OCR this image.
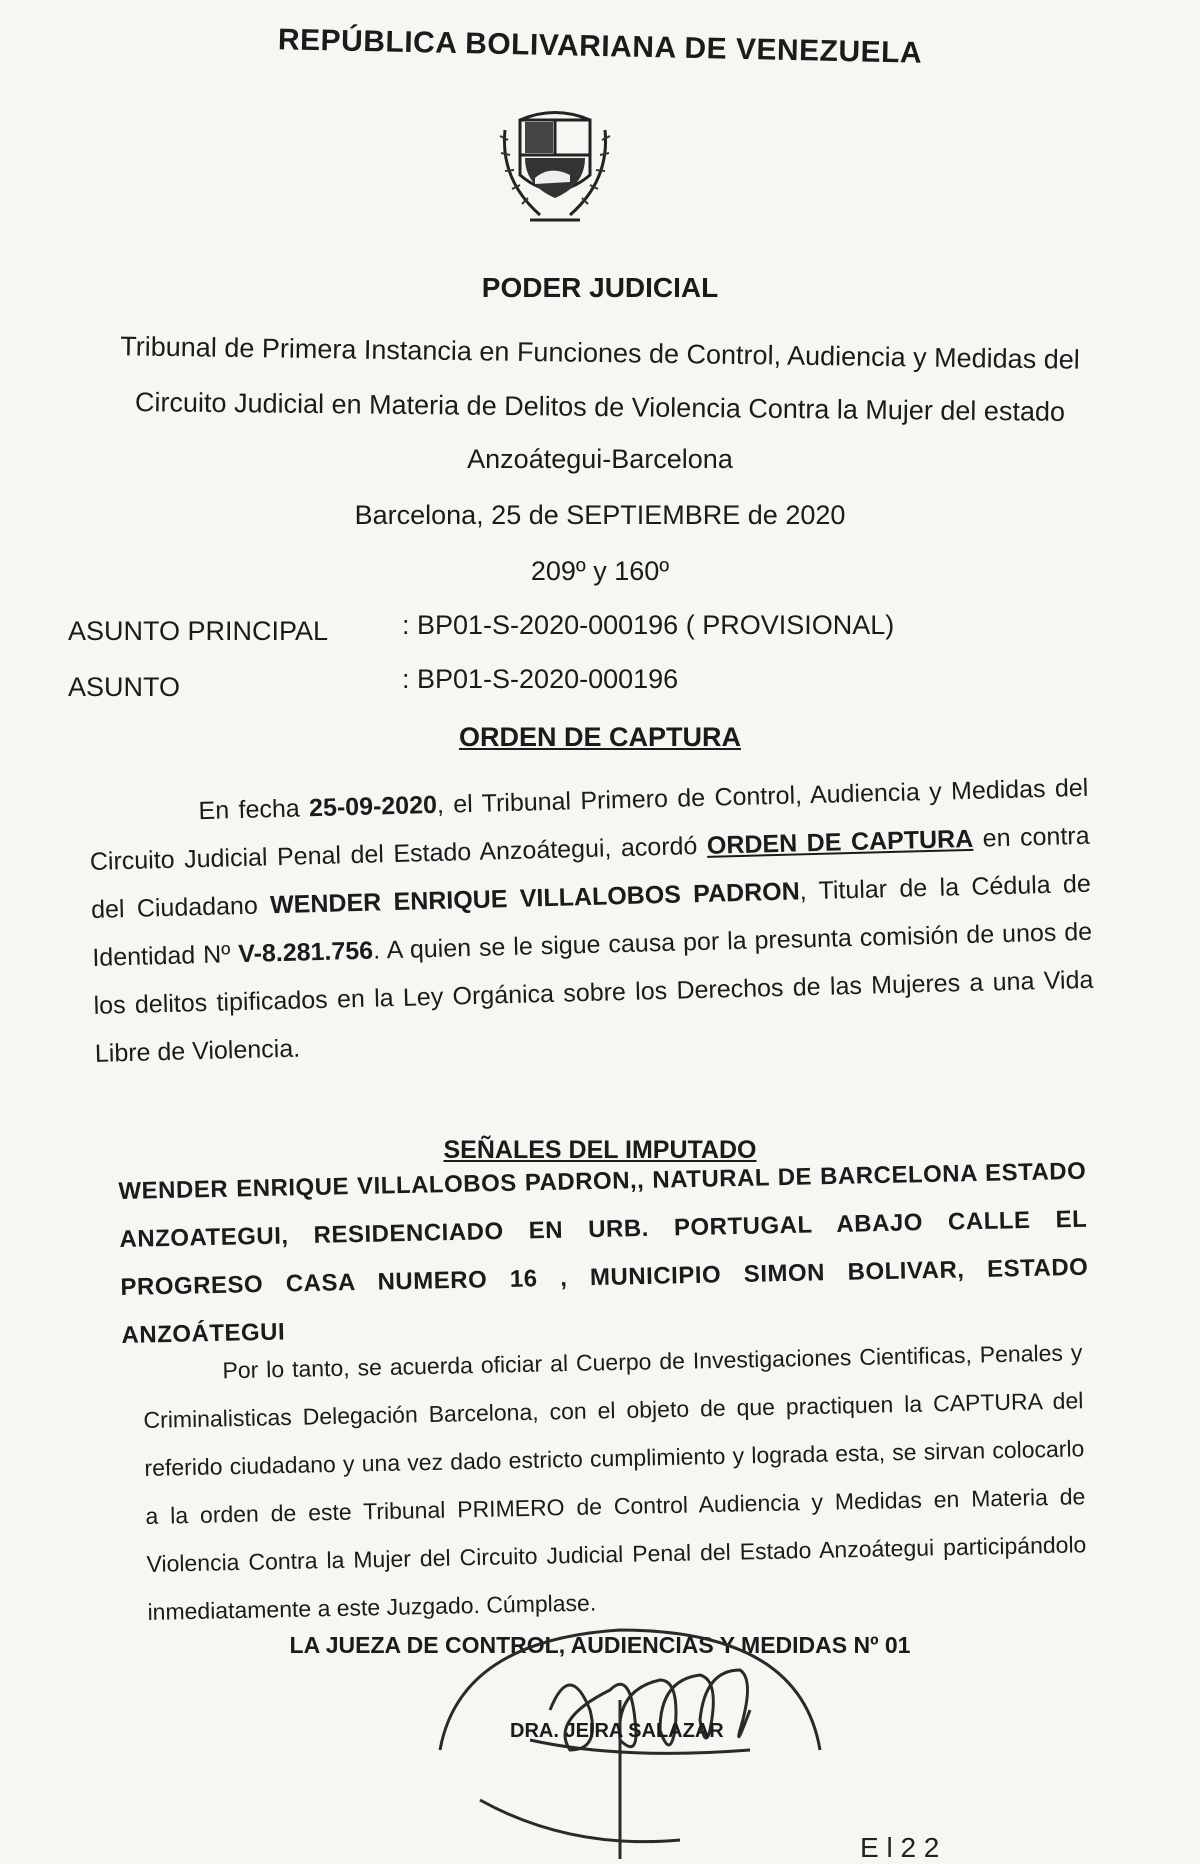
REPÚBLICA BOLIVARIANA DE VENEZUELA
PODER JUDICIAL
Tribunal de Primera Instancia en Funciones de Control, Audiencia y Medidas del
Circuito Judicial en Materia de Delitos de Violencia Contra la Mujer del estado
Anzoátegui-Barcelona
Barcelona, 25 de SEPTIEMBRE de 2020
209º y 160º
ASUNTO PRINCIPAL	: BP01-S-2020-000196 ( PROVISIONAL)
ASUNTO	: BP01-S-2020-000196
ORDEN DE CAPTURA

En fecha 25-09-2020, el Tribunal Primero de Control, Audiencia y Medidas del Circuito Judicial Penal del Estado Anzoátegui, acordó ORDEN DE CAPTURA en contra del Ciudadano WENDER ENRIQUE VILLALOBOS PADRON, Titular de la Cédula de Identidad Nº V-8.281.756. A quien se le sigue causa por la presunta comisión de unos de los delitos tipificados en la Ley Orgánica sobre los Derechos de las Mujeres a una Vida Libre de Violencia.

SEÑALES DEL IMPUTADO
WENDER ENRIQUE VILLALOBOS PADRON,, NATURAL DE BARCELONA ESTADO ANZOATEGUI, RESIDENCIADO EN URB. PORTUGAL ABAJO CALLE EL PROGRESO CASA NUMERO 16 , MUNICIPIO SIMON BOLIVAR, ESTADO ANZOÁTEGUI
Por lo tanto, se acuerda oficiar al Cuerpo de Investigaciones Cientificas, Penales y Criminalisticas Delegación Barcelona, con el objeto de que practiquen la CAPTURA del referido ciudadano y una vez dado estricto cumplimiento y lograda esta, se sirvan colocarlo a la orden de este Tribunal PRIMERO de Control Audiencia y Medidas en Materia de Violencia Contra la Mujer del Circuito Judicial Penal del Estado Anzoátegui participándolo inmediatamente a este Juzgado. Cúmplase.
LA JUEZA DE CONTROL, AUDIENCIAS Y MEDIDAS Nº 01
DRA. JEIRA SALAZAR
E l 2 2
